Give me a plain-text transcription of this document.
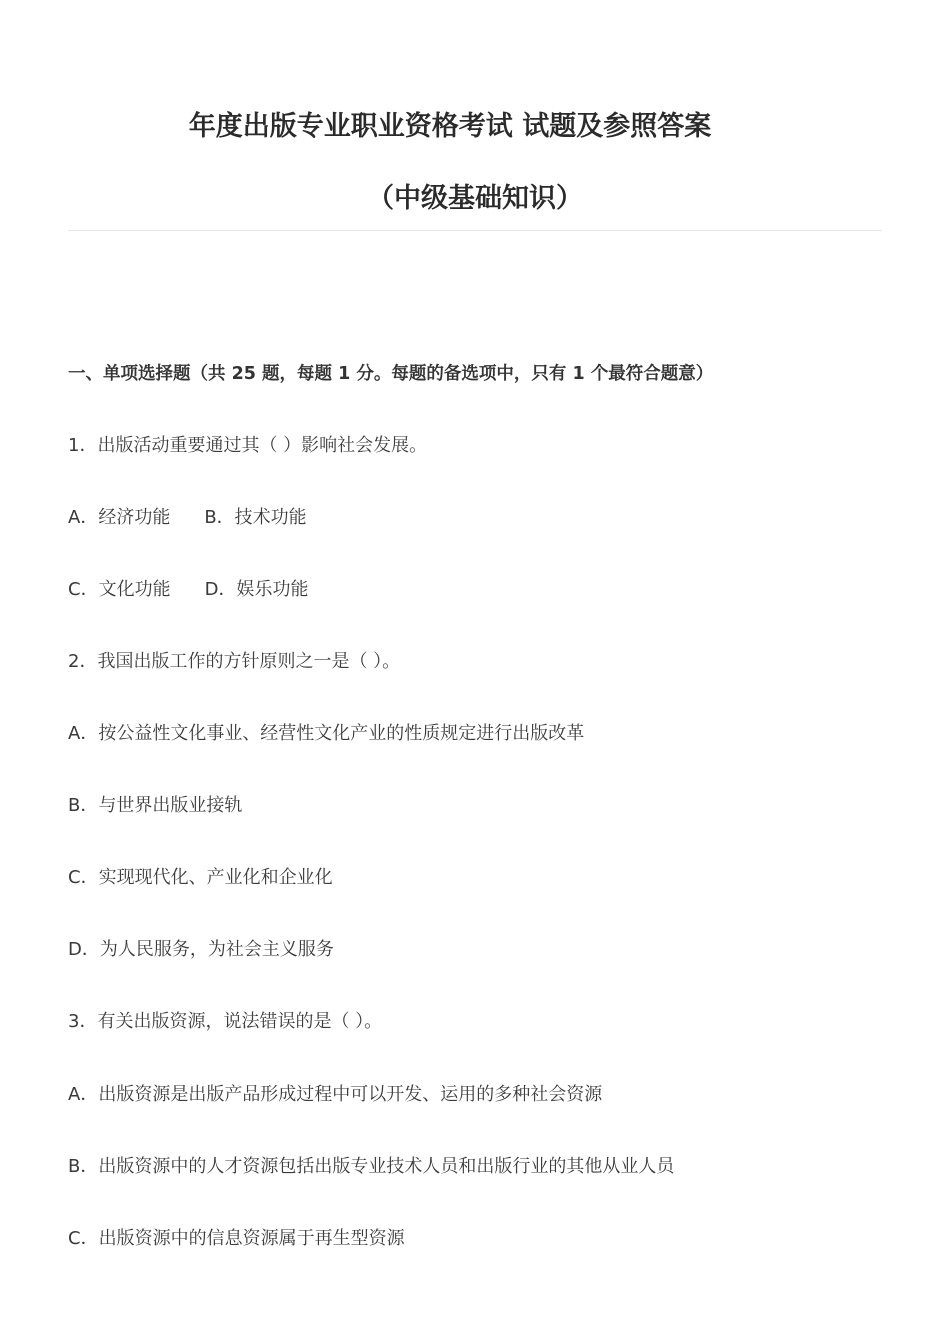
年度出版专业职业资格考试 试题及参照答案
（中级基础知识）
一、单项选择题（共 25 题，每题 1 分。每题的备选项中，只有 1 个最符合题意）
1．出版活动重要通过其（ ）影响社会发展。
A．经济功能 B．技术功能
C．文化功能 D．娱乐功能
2．我国出版工作的方针原则之一是（ ）。
A．按公益性文化事业、经营性文化产业的性质规定进行出版改革
B．与世界出版业接轨
C．实现现代化、产业化和企业化
D．为人民服务，为社会主义服务
3．有关出版资源，说法错误的是（ ）。
A．出版资源是出版产品形成过程中可以开发、运用的多种社会资源
B．出版资源中的人才资源包括出版专业技术人员和出版行业的其他从业人员
C．出版资源中的信息资源属于再生型资源
